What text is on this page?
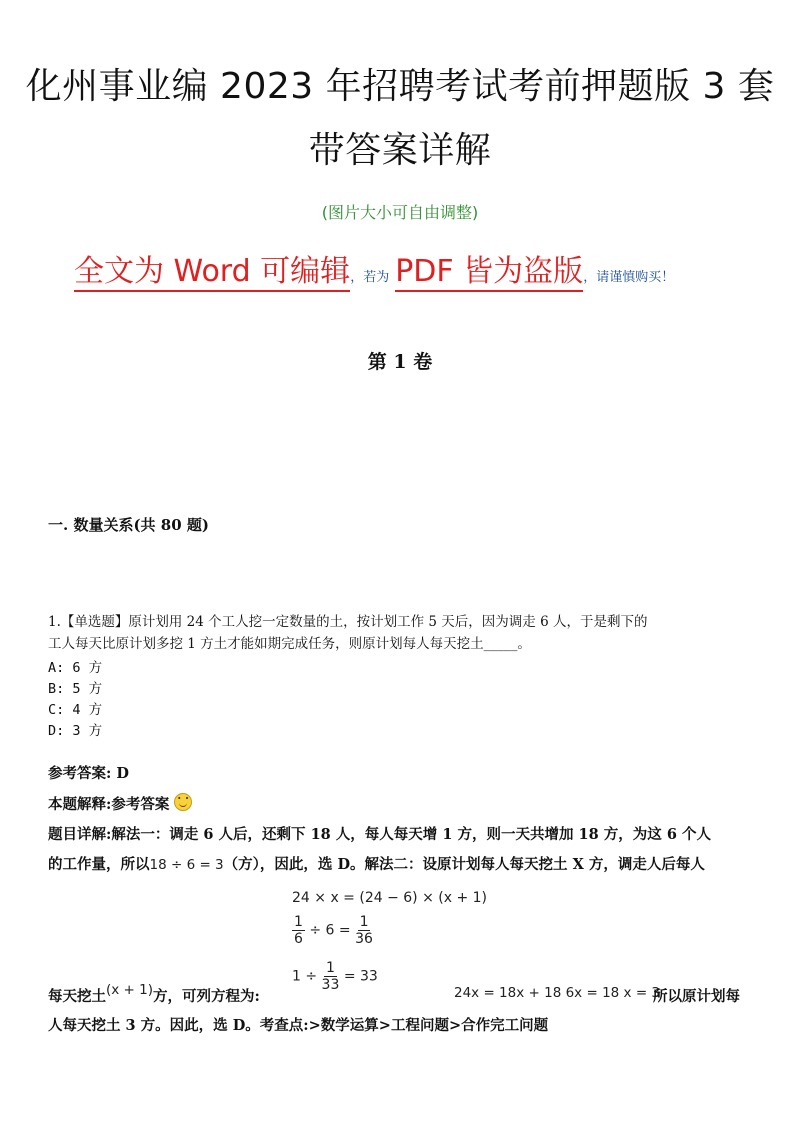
化州事业编 2023 年招聘考试考前押题版 3 套
带答案详解
(图片大小可自由调整)
全文为 Word 可编辑，若为 PDF 皆为盗版，请谨慎购买！
第 1 卷
一. 数量关系(共 80 题)
1.【单选题】原计划用 24 个工人挖一定数量的土，按计划工作 5 天后，因为调走 6 人，于是剩下的
工人每天比原计划多挖 1 方土才能如期完成任务，则原计划每人每天挖土_____。
A: 6 方
B: 5 方
C: 4 方
D: 3 方
参考答案: D
本题解释:参考答案 · ·
题目详解:解法一：调走 6 人后，还剩下 18 人，每人每天增 1 方，则一天共增加 18 方，为这 6 个人
的工作量，所以18 ÷ 6 = 3（方），因此，选 D。解法二：设原计划每人每天挖土 X 方，调走人后每人
24 × x = (24 − 6) × (x + 1)
$\frac{1}{6} \div 6 = \frac{1}{36}$
$1 \div \frac{1}{33} = 33$
每天挖土(x + 1)方，可列方程为:	24x = 18x + 18 6x = 18 x = 3
所以原计划每
人每天挖土 3 方。因此，选 D。考查点:>数学运算>工程问题>合作完工问题
